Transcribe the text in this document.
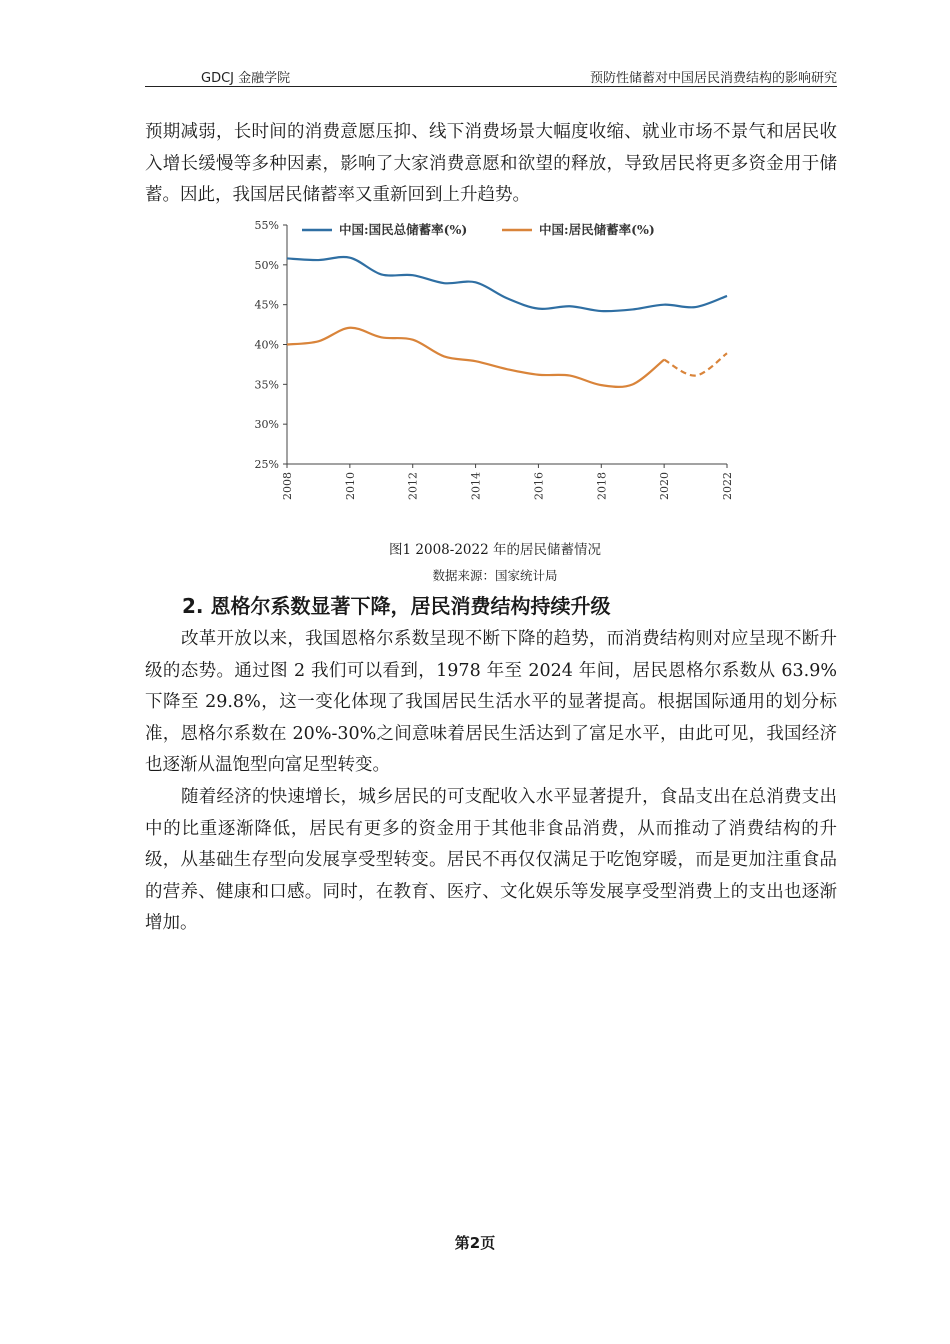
GDCJ 金融学院	预防性储蓄对中国居民消费结构的影响研究

预期减弱，长时间的消费意愿压抑、线下消费场景大幅度收缩、就业市场不景气和居民收入增长缓慢等多种因素，影响了大家消费意愿和欲望的释放，导致居民将更多资金用于储蓄。因此，我国居民储蓄率又重新回到上升趋势。

25%
30%
35%
40%
45%
50%
55%
2008	2010	2012	2014	2016	2018	2020	2022
中国:国民总储蓄率(%)	中国:居民储蓄率(%)
图1 2008-2022 年的居民储蓄情况
数据来源：国家统计局
2. 恩格尔系数显著下降，居民消费结构持续升级

改革开放以来，我国恩格尔系数呈现不断下降的趋势，而消费结构则对应呈现不断升级的态势。通过图 2 我们可以看到，1978 年至 2024 年间，居民恩格尔系数从 63.9%下降至 29.8%，这一变化体现了我国居民生活水平的显著提高。根据国际通用的划分标准，恩格尔系数在 20%-30%之间意味着居民生活达到了富足水平，由此可见，我国经济也逐渐从温饱型向富足型转变。

随着经济的快速增长，城乡居民的可支配收入水平显著提升，食品支出在总消费支出中的比重逐渐降低，居民有更多的资金用于其他非食品消费，从而推动了消费结构的升级，从基础生存型向发展享受型转变。居民不再仅仅满足于吃饱穿暖，而是更加注重食品的营养、健康和口感。同时，在教育、医疗、文化娱乐等发展享受型消费上的支出也逐渐增加。

第2页
